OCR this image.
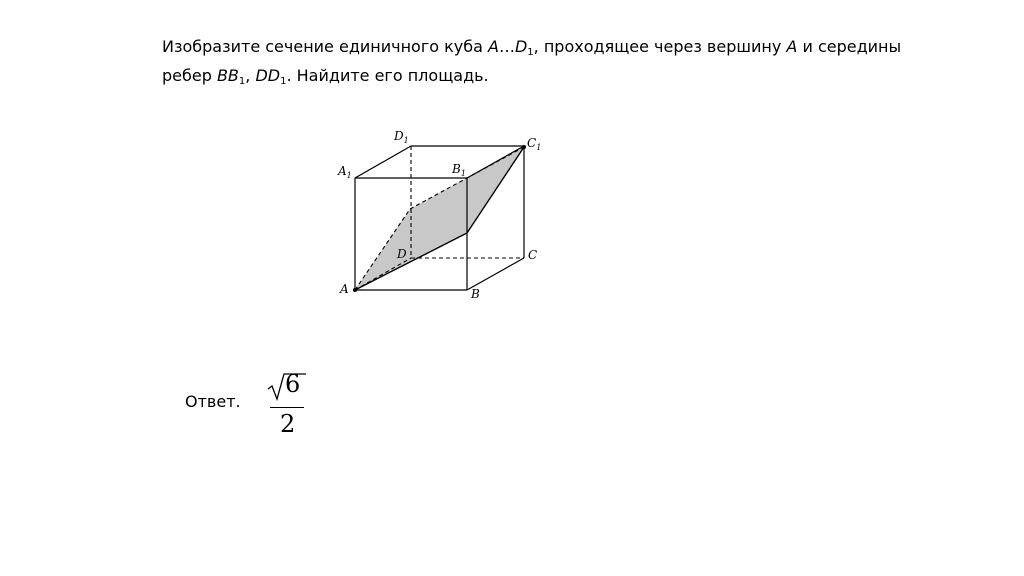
Изобразите сечение единичного куба $A\dots D_1$, проходящее через вершину A и середины
ребер $BB_1$, $DD_1$. Найдите его площадь.
A	B
C
D
$A_1$	$B_1$
$C_1$
$D_1$
Ответ.
6
2
